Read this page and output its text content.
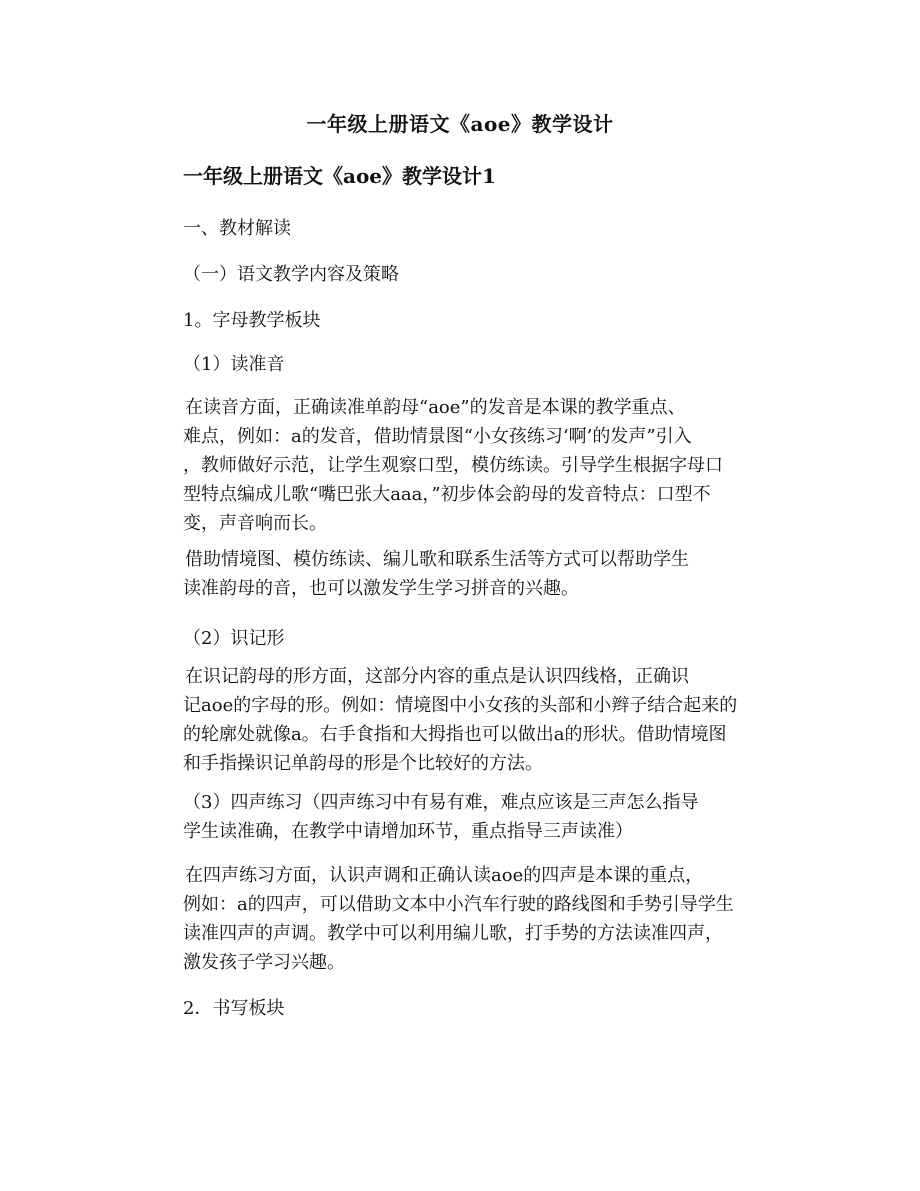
一年级上册语文《aoe》教学设计
一年级上册语文《aoe》教学设计1
一、教材解读
（一）语文教学内容及策略
1。字母教学板块
（1）读准音
在读音方面，正确读准单韵母“aoe”的发音是本课的教学重点、
难点，例如：a的发音，借助情景图“小女孩练习‘啊’的发声”引入
，教师做好示范，让学生观察口型，模仿练读。引导学生根据字母口
型特点编成儿歌“嘴巴张大aaa，”初步体会韵母的发音特点：口型不
变，声音响而长。
借助情境图、模仿练读、编儿歌和联系生活等方式可以帮助学生
读准韵母的音，也可以激发学生学习拼音的兴趣。
（2）识记形
在识记韵母的形方面，这部分内容的重点是认识四线格，正确识
记aoe的字母的形。例如：情境图中小女孩的头部和小辫子结合起来的
的轮廓处就像a。右手食指和大拇指也可以做出a的形状。借助情境图
和手指操识记单韵母的形是个比较好的方法。
（3）四声练习（四声练习中有易有难，难点应该是三声怎么指导
学生读准确，在教学中请增加环节，重点指导三声读准）
在四声练习方面，认识声调和正确认读aoe的四声是本课的重点，
例如：a的四声，可以借助文本中小汽车行驶的路线图和手势引导学生
读准四声的声调。教学中可以利用编儿歌，打手势的方法读准四声，
激发孩子学习兴趣。
2．书写板块
